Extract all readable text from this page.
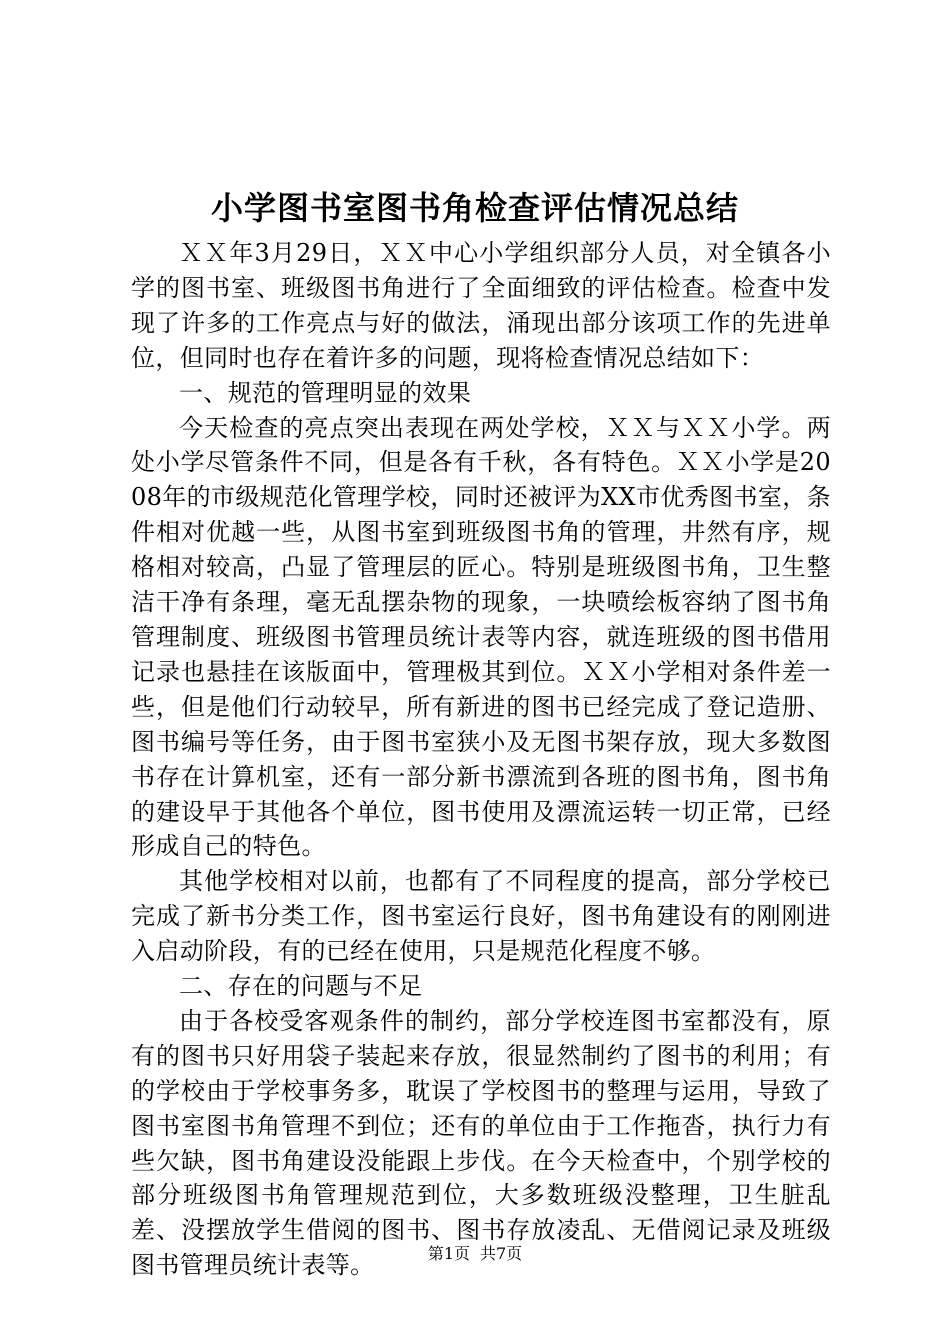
小学图书室图书角检查评估情况总结

ＸＸ年3月29日，ＸＸ中心小学组织部分人员，对全镇各小学的图书室、班级图书角进行了全面细致的评估检查。检查中发现了许多的工作亮点与好的做法，涌现出部分该项工作的先进单位，但同时也存在着许多的问题，现将检查情况总结如下：

一、规范的管理明显的效果

今天检查的亮点突出表现在两处学校，ＸＸ与ＸＸ小学。两处小学尽管条件不同，但是各有千秋，各有特色。ＸＸ小学是2008年的市级规范化管理学校，同时还被评为XX市优秀图书室，条件相对优越一些，从图书室到班级图书角的管理，井然有序，规格相对较高，凸显了管理层的匠心。特别是班级图书角，卫生整洁干净有条理，毫无乱摆杂物的现象，一块喷绘板容纳了图书角管理制度、班级图书管理员统计表等内容，就连班级的图书借用记录也悬挂在该版面中，管理极其到位。ＸＸ小学相对条件差一些，但是他们行动较早，所有新进的图书已经完成了登记造册、图书编号等任务，由于图书室狭小及无图书架存放，现大多数图书存在计算机室，还有一部分新书漂流到各班的图书角，图书角的建设早于其他各个单位，图书使用及漂流运转一切正常，已经形成自己的特色。

其他学校相对以前，也都有了不同程度的提高，部分学校已完成了新书分类工作，图书室运行良好，图书角建设有的刚刚进入启动阶段，有的已经在使用，只是规范化程度不够。

二、存在的问题与不足

由于各校受客观条件的制约，部分学校连图书室都没有，原有的图书只好用袋子装起来存放，很显然制约了图书的利用；有的学校由于学校事务多，耽误了学校图书的整理与运用，导致了图书室图书角管理不到位；还有的单位由于工作拖沓，执行力有些欠缺，图书角建设没能跟上步伐。在今天检查中，个别学校的部分班级图书角管理规范到位，大多数班级没整理，卫生脏乱差、没摆放学生借阅的图书、图书存放凌乱、无借阅记录及班级图书管理员统计表等。	第1页 共7页
